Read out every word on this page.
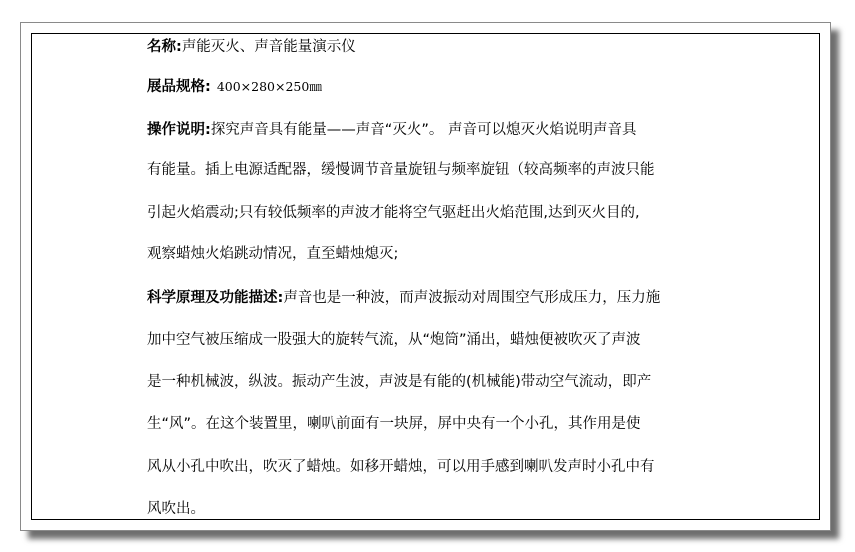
名称:声能灭火、声音能量演示仪
展品规格: 400×280×250㎜
操作说明:探究声音具有能量——声音“灭火”。 声音可以熄灭火焰说明声音具
有能量。插上电源适配器，缓慢调节音量旋钮与频率旋钮（较高频率的声波只能
引起火焰震动;只有较低频率的声波才能将空气驱赶出火焰范围,达到灭火目的,
观察蜡烛火焰跳动情况，直至蜡烛熄灭;
科学原理及功能描述:声音也是一种波，而声波振动对周围空气形成压力，压力施
加中空气被压缩成一股强大的旋转气流，从“炮筒”涌出，蜡烛便被吹灭了声波
是一种机械波，纵波。振动产生波，声波是有能的(机械能)带动空气流动，即产
生“风”。在这个装置里，喇叭前面有一块屏，屏中央有一个小孔，其作用是使
风从小孔中吹出，吹灭了蜡烛。如移开蜡烛，可以用手感到喇叭发声时小孔中有
风吹出。
